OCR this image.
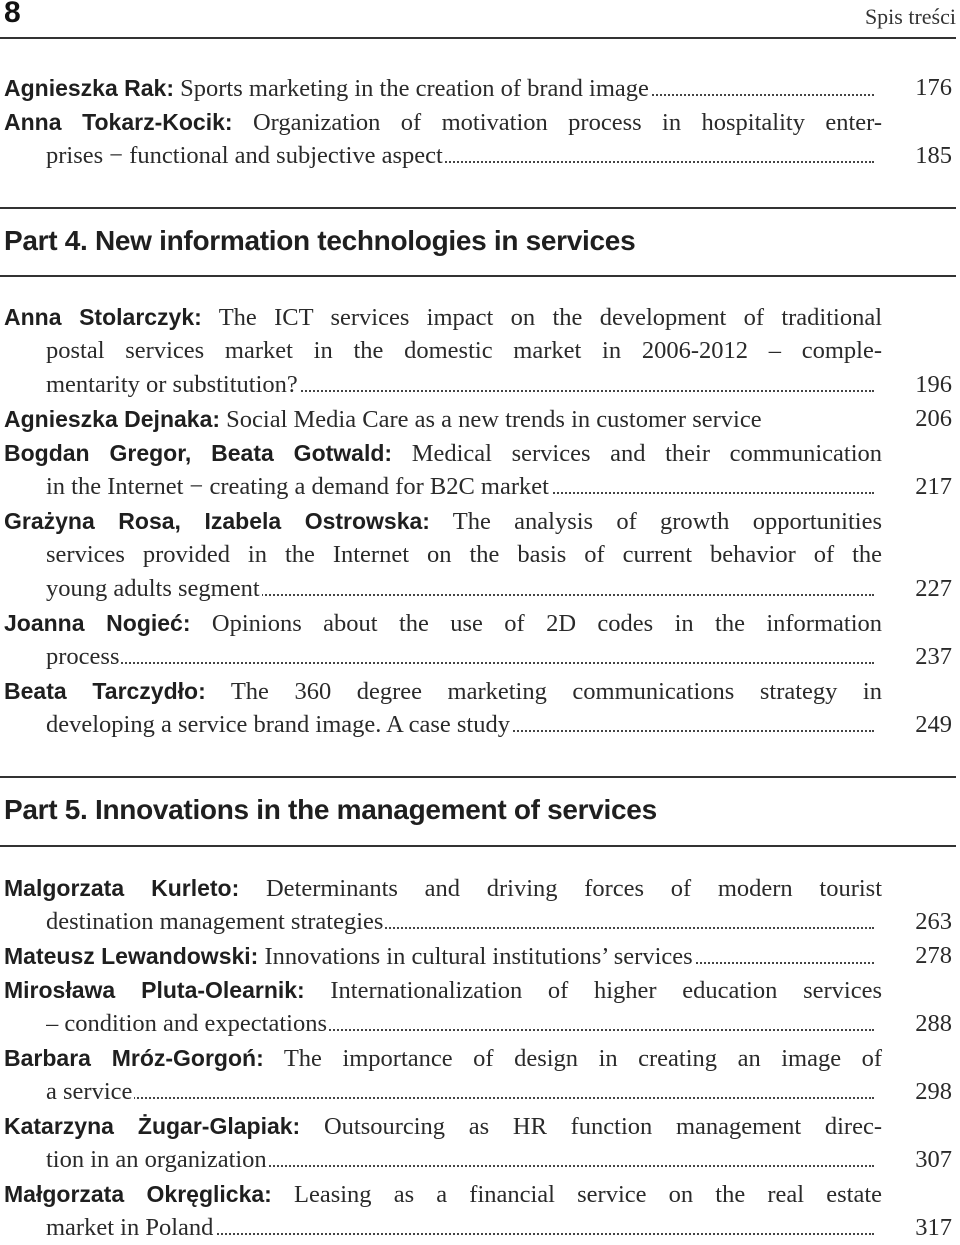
8	Spis treści
Agnieszka Rak: Sports marketing in the creation of brand image	176
Anna Tokarz-Kocik: Organization of motivation process in hospitality enter-
prises − functional and subjective aspect	185
Part 4. New information technologies in services
Anna Stolarczyk: The ICT services impact on the development of traditional
postal services market in the domestic market in 2006-2012 – comple-
mentarity or substitution?	196
Agnieszka Dejnaka: Social Media Care as a new trends in customer service	206
Bogdan Gregor, Beata Gotwald: Medical services and their communication
in the Internet − creating a demand for B2C market	217
Grażyna Rosa, Izabela Ostrowska: The analysis of growth opportunities
services provided in the Internet on the basis of current behavior of the
young adults segment	227
Joanna Nogieć: Opinions about the use of 2D codes in the information
process	237
Beata Tarczydło: The 360 degree marketing communications strategy in
developing a service brand image. A case study	249
Part 5. Innovations in the management of services
Malgorzata Kurleto: Determinants and driving forces of modern tourist
destination management strategies	263
Mateusz Lewandowski: Innovations in cultural institutions’ services	278
Mirosława Pluta-Olearnik: Internationalization of higher education services
– condition and expectations	288
Barbara Mróz-Gorgoń: The importance of design in creating an image of
a service	298
Katarzyna Żugar-Glapiak: Outsourcing as HR function management direc-
tion in an organization	307
Małgorzata Okręglicka: Leasing as a financial service on the real estate
market in Poland	317
